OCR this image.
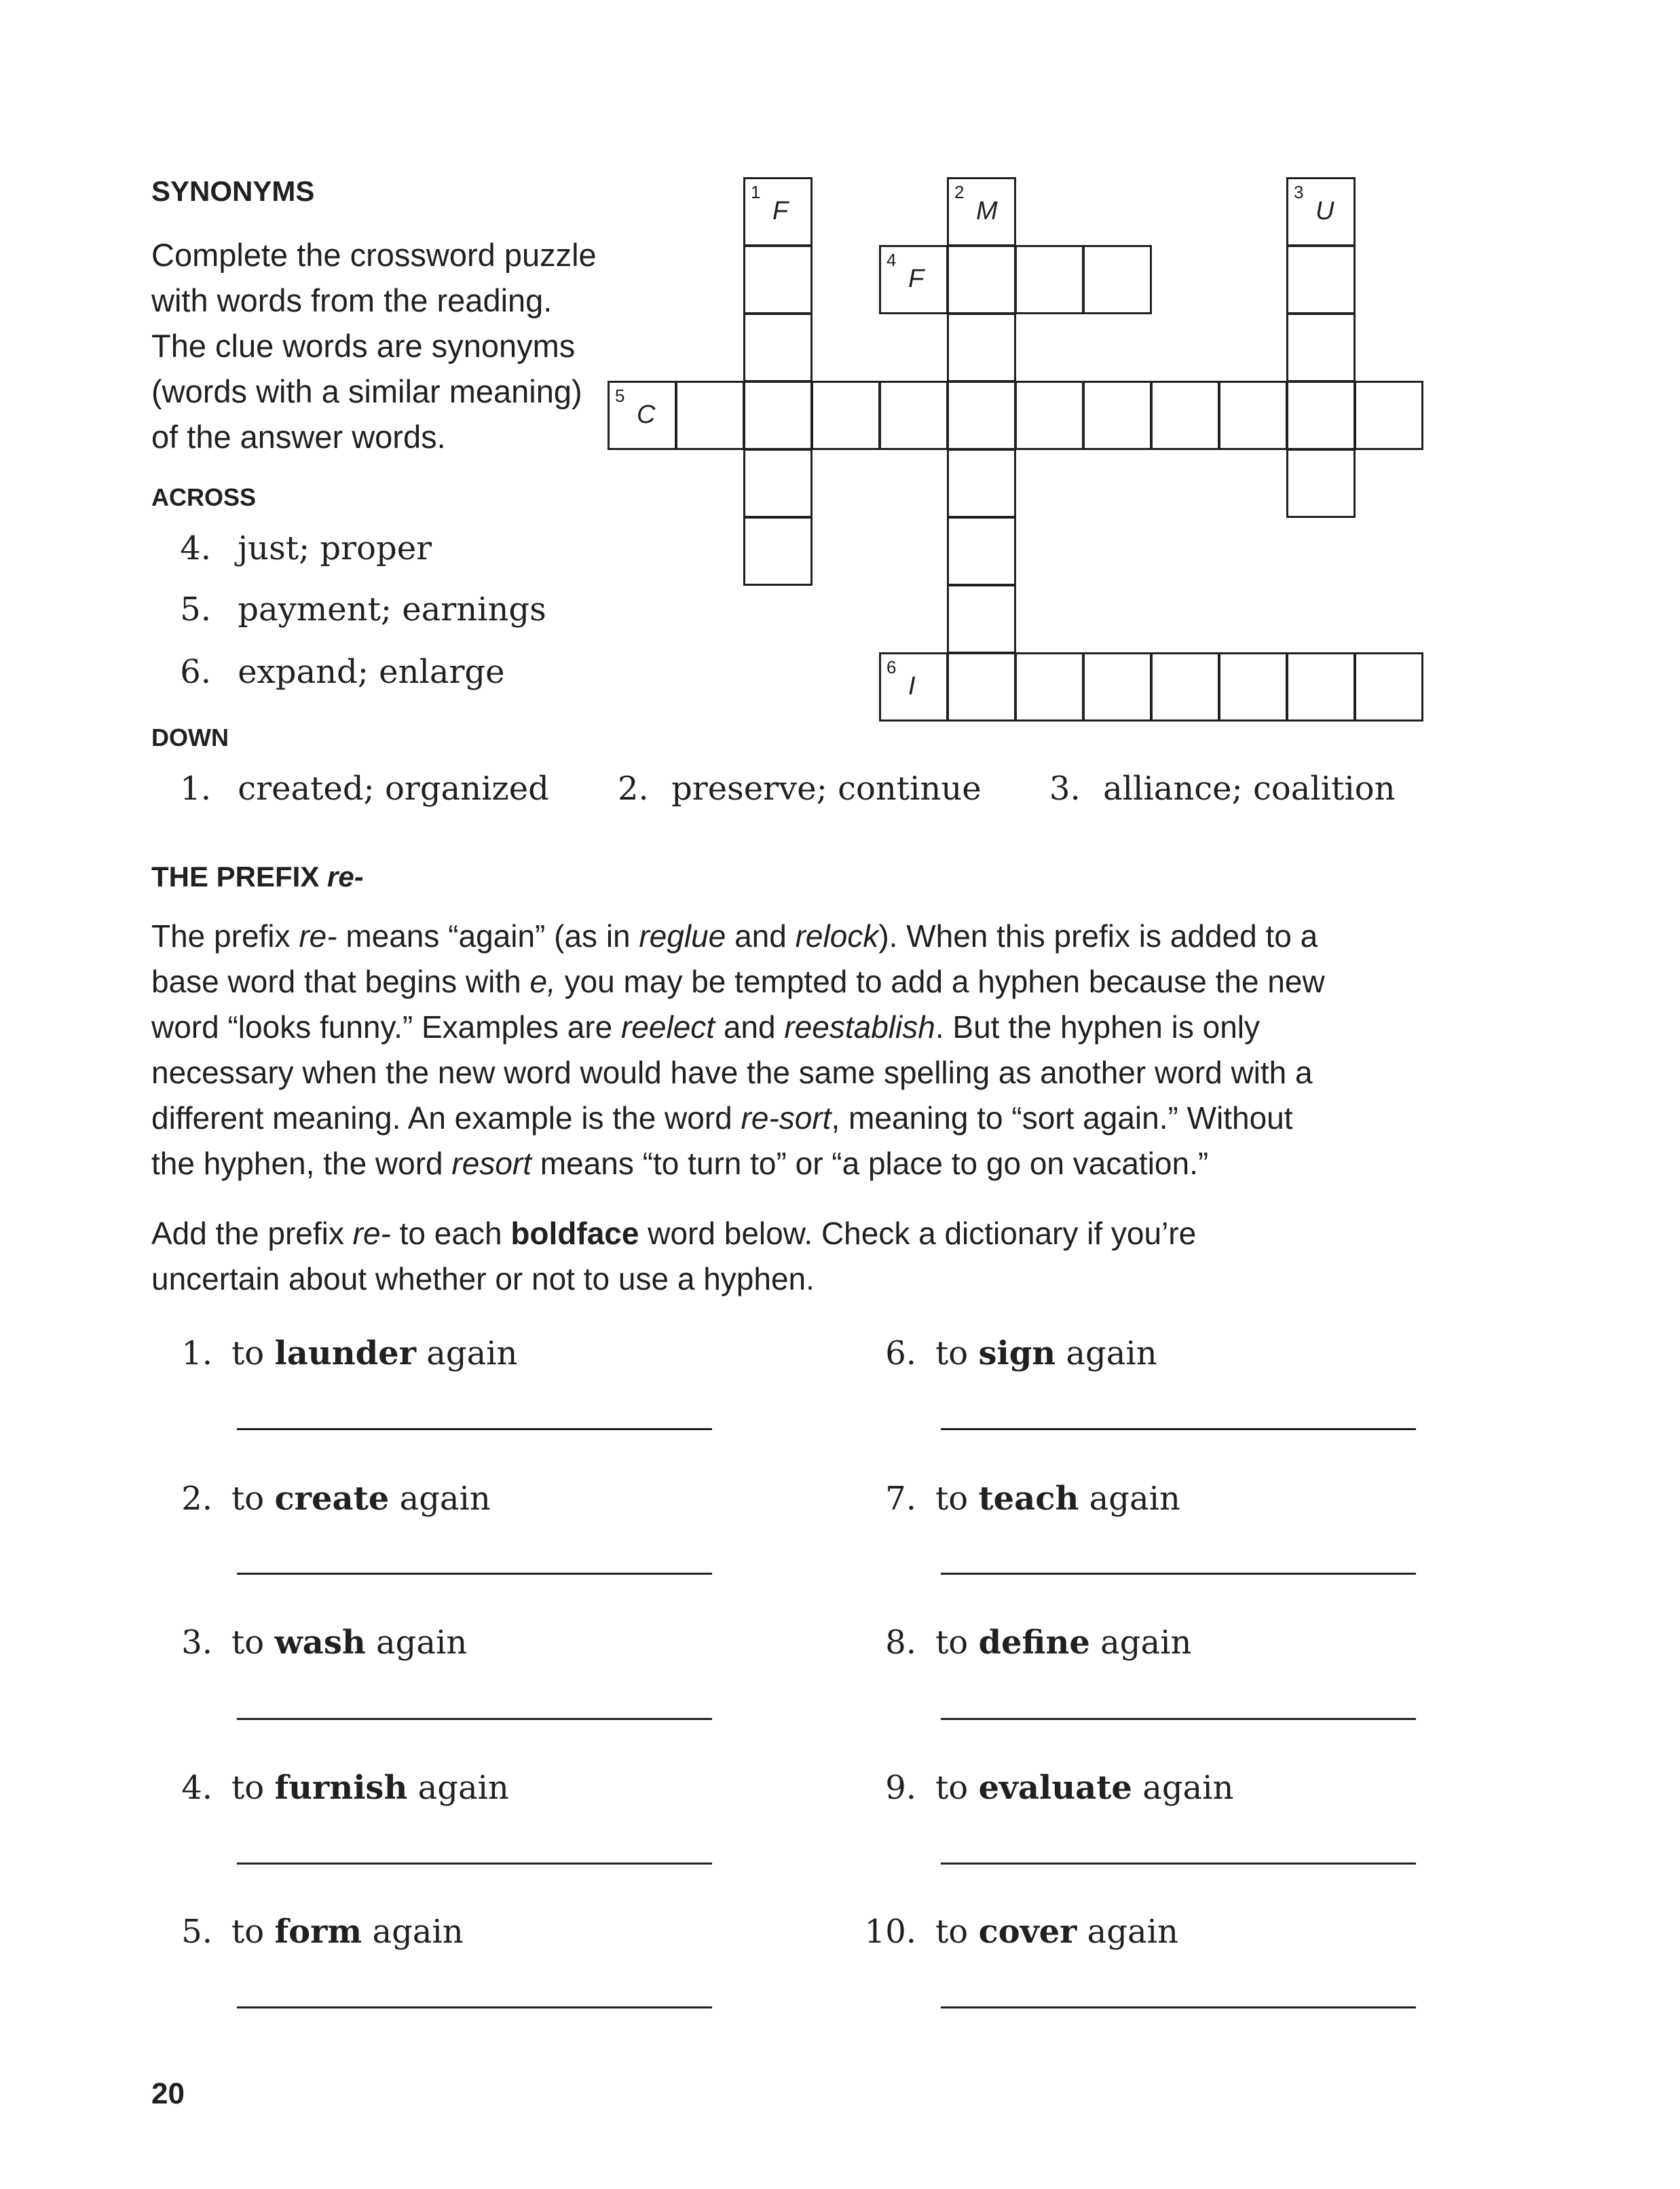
SYNONYMS
Complete the crossword puzzle
with words from the reading.
The clue words are synonyms
(words with a similar meaning)
of the answer words.
ACROSS
4. just; proper
5. payment; earnings
6. expand; enlarge
DOWN
1. created; organized 2. preserve; continue 3. alliance; coalition
5
C
4
F
6
I
1
F
2
M
3
U
THE PREFIX re-
The prefix re- means “again” (as in reglue and relock). When this prefix is added to a
base word that begins with e, you may be tempted to add a hyphen because the new
word “looks funny.” Examples are reelect and reestablish. But the hyphen is only
necessary when the new word would have the same spelling as another word with a
different meaning. An example is the word re-sort, meaning to “sort again.” Without
the hyphen, the word resort means “to turn to” or “a place to go on vacation.”
Add the prefix re- to each boldface word below. Check a dictionary if you’re
uncertain about whether or not to use a hyphen.
1. to launder again
2. to create again
3. to wash again
4. to furnish again
5. to form again
6. to sign again
7. to teach again
8. to define again
9. to evaluate again
10. to cover again
20
